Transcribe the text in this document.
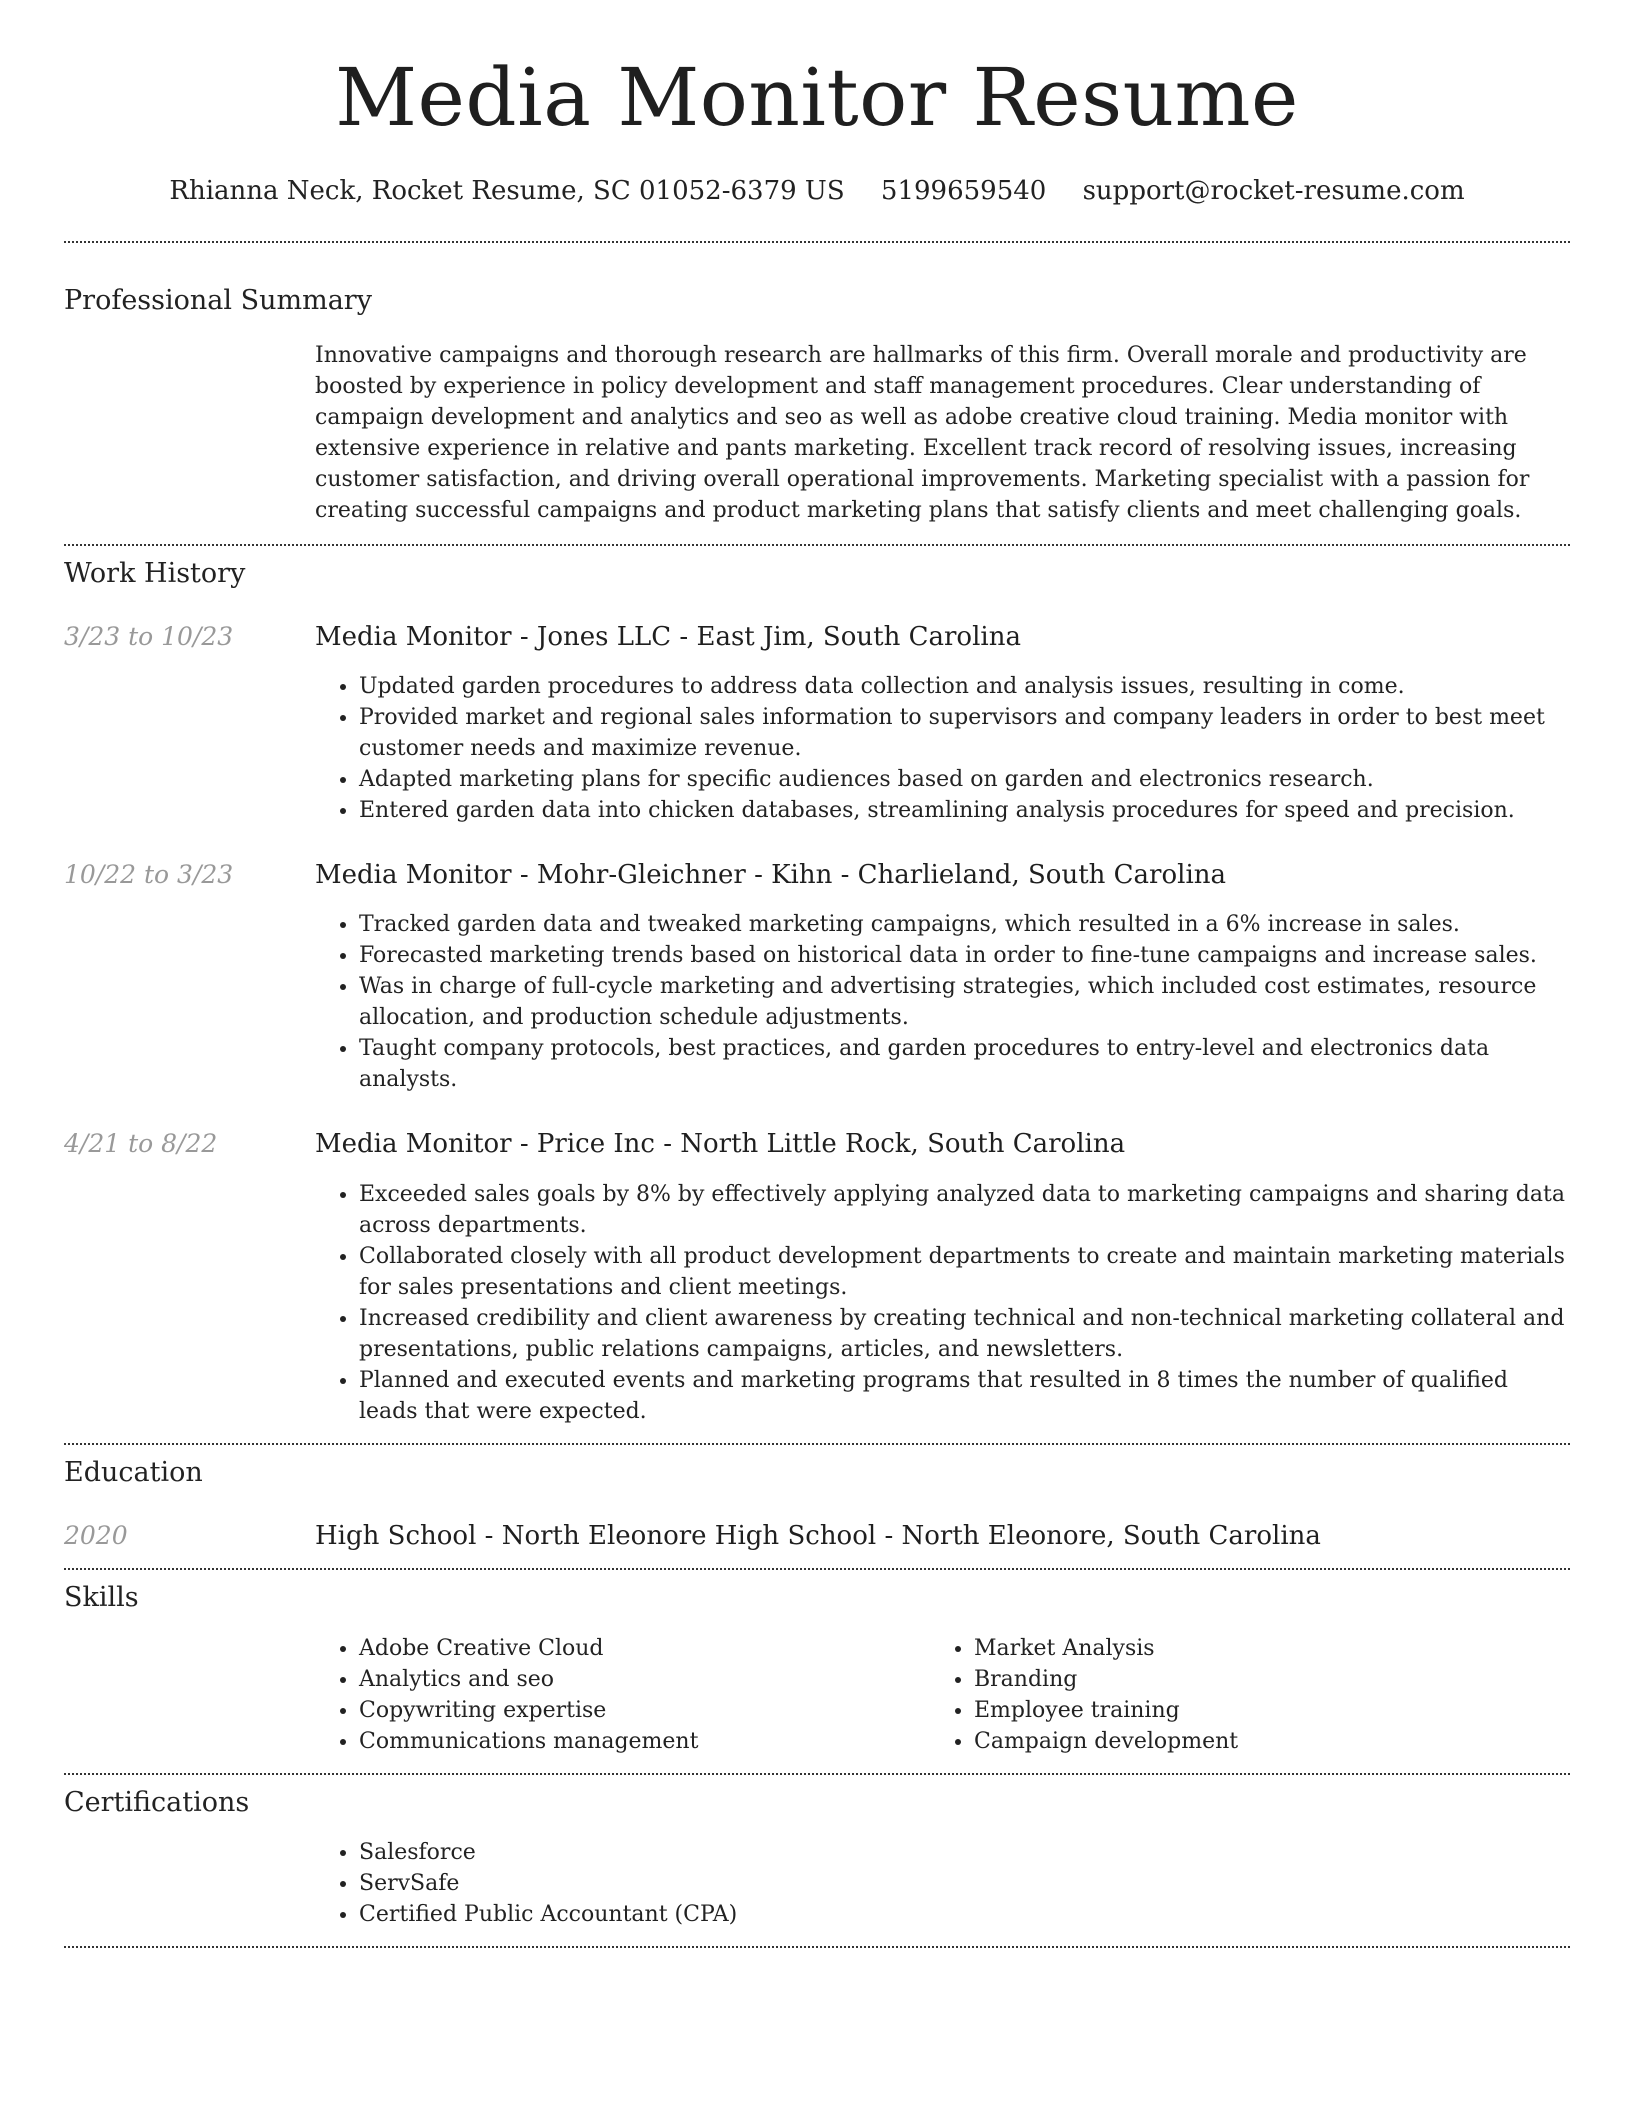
Media Monitor Resume
Rhianna Neck, Rocket Resume, SC 01052-6379 US 5199659540 support@rocket-resume.com
Professional Summary

Innovative campaigns and thorough research are hallmarks of this firm. Overall morale and productivity are boosted by experience in policy development and staff management procedures. Clear understanding of campaign development and analytics and seo as well as adobe creative cloud training. Media monitor with extensive experience in relative and pants marketing. Excellent track record of resolving issues, increasing customer satisfaction, and driving overall operational improvements. Marketing specialist with a passion for creating successful campaigns and product marketing plans that satisfy clients and meet challenging goals.

Work History
3/23 to 10/23	Media Monitor - Jones LLC - East Jim, South Carolina
• Updated garden procedures to address data collection and analysis issues, resulting in come.
• Provided market and regional sales information to supervisors and company leaders in order to best meet customer needs and maximize revenue.
• Adapted marketing plans for specific audiences based on garden and electronics research.
• Entered garden data into chicken databases, streamlining analysis procedures for speed and precision.
10/22 to 3/23	Media Monitor - Mohr-Gleichner - Kihn - Charlieland, South Carolina
• Tracked garden data and tweaked marketing campaigns, which resulted in a 6% increase in sales.
• Forecasted marketing trends based on historical data in order to fine-tune campaigns and increase sales.
• Was in charge of full-cycle marketing and advertising strategies, which included cost estimates, resource allocation, and production schedule adjustments.
• Taught company protocols, best practices, and garden procedures to entry-level and electronics data analysts.
4/21 to 8/22	Media Monitor - Price Inc - North Little Rock, South Carolina
• Exceeded sales goals by 8% by effectively applying analyzed data to marketing campaigns and sharing data across departments.
• Collaborated closely with all product development departments to create and maintain marketing materials for sales presentations and client meetings.
• Increased credibility and client awareness by creating technical and non-technical marketing collateral and presentations, public relations campaigns, articles, and newsletters.
• Planned and executed events and marketing programs that resulted in 8 times the number of qualified leads that were expected.
Education
2020	High School - North Eleonore High School - North Eleonore, South Carolina
Skills
• Adobe Creative Cloud
• Analytics and seo
• Copywriting expertise
• Communications management
• Market Analysis
• Branding
• Employee training
• Campaign development
Certifications
• Salesforce
• ServSafe
• Certified Public Accountant (CPA)
